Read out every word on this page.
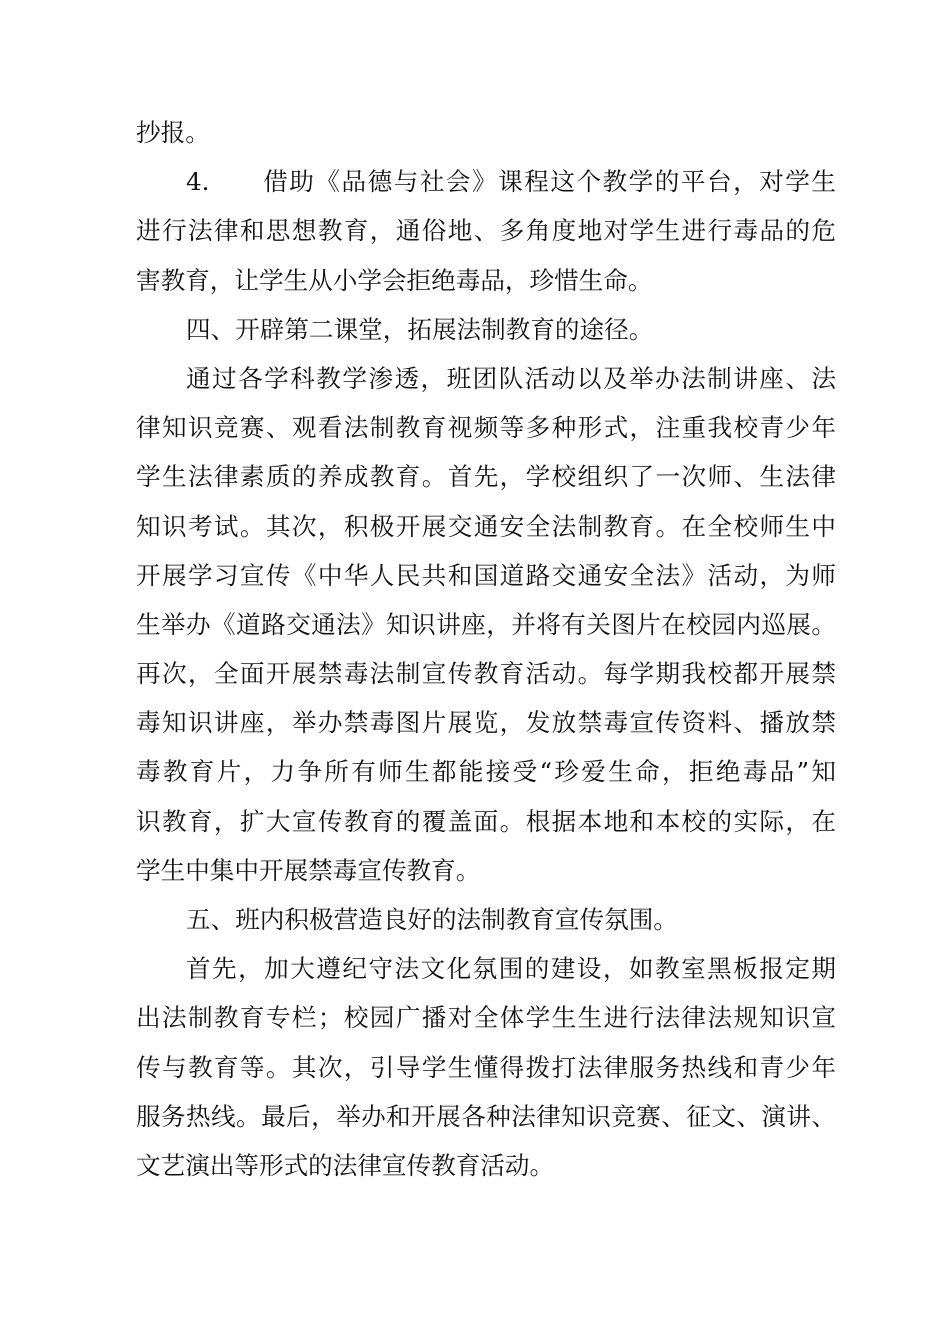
抄报。
4.　　借助《品德与社会》课程这个教学的平台，对学生
进行法律和思想教育，通俗地、多角度地对学生进行毒品的危
害教育，让学生从小学会拒绝毒品，珍惜生命。
四、开辟第二课堂，拓展法制教育的途径。
通过各学科教学渗透，班团队活动以及举办法制讲座、法
律知识竞赛、观看法制教育视频等多种形式，注重我校青少年
学生法律素质的养成教育。首先，学校组织了一次师、生法律
知识考试。其次，积极开展交通安全法制教育。在全校师生中
开展学习宣传《中华人民共和国道路交通安全法》活动，为师
生举办《道路交通法》知识讲座，并将有关图片在校园内巡展。
再次，全面开展禁毒法制宣传教育活动。每学期我校都开展禁
毒知识讲座，举办禁毒图片展览，发放禁毒宣传资料、播放禁
毒教育片，力争所有师生都能接受“珍爱生命，拒绝毒品”知
识教育，扩大宣传教育的覆盖面。根据本地和本校的实际，在
学生中集中开展禁毒宣传教育。
五、班内积极营造良好的法制教育宣传氛围。
首先，加大遵纪守法文化氛围的建设，如教室黑板报定期
出法制教育专栏；校园广播对全体学生生进行法律法规知识宣
传与教育等。其次，引导学生懂得拨打法律服务热线和青少年
服务热线。最后，举办和开展各种法律知识竞赛、征文、演讲、
文艺演出等形式的法律宣传教育活动。
